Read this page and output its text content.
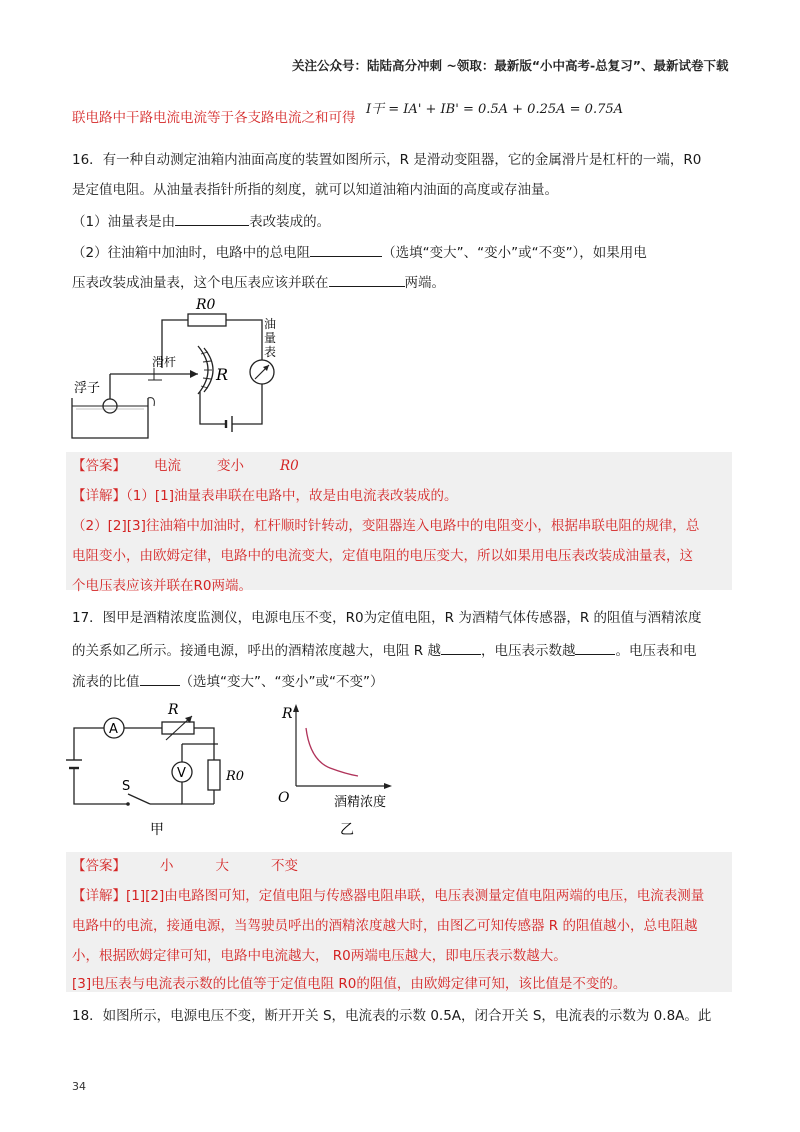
关注公众号：陆陆高分冲刺 ~领取：最新版“小中高考-总复习”、最新试卷下载
联电路中干路电流电流等于各支路电流之和可得
I干 = IA' + IB' = 0.5A + 0.25A = 0.75A
16．有一种自动测定油箱内油面高度的装置如图所示，R 是滑动变阻器，它的金属滑片是杠杆的一端，R0
是定值电阻。从油量表指针所指的刻度，就可以知道油箱内油面的高度或存油量。
（1）油量表是由	表改装成的。
（2）往油箱中加油时，电路中的总电阻	（选填“变大”、“变小”或“不变”），如果用电
压表改装成油量表，这个电压表应该并联在	两端。
R0
油
量
表
R
滑杆
浮子
【答案】 电流	变小	R0
【详解】（1）[1]油量表串联在电路中，故是由电流表改装成的。
（2）[2][3]往油箱中加油时，杠杆顺时针转动，变阻器连入电路中的电阻变小，根据串联电阻的规律，总
电阻变小，由欧姆定律，电路中的电流变大，定值电阻的电压变大，所以如果用电压表改装成油量表，这
个电压表应该并联在R0两端。
17．图甲是酒精浓度监测仪，电源电压不变，R0为定值电阻，R 为酒精气体传感器，R 的阻值与酒精浓度
的关系如乙所示。接通电源，呼出的酒精浓度越大，电阻 R 越	，电压表示数越	。电压表和电
流表的比值	（选填“变大”、“变小”或“不变”）
A
R
R0
V
S
甲
R
O	酒精浓度
乙
【答案】	小	大	不变
【详解】[1][2]由电路图可知，定值电阻与传感器电阻串联，电压表测量定值电阻两端的电压，电流表测量
电路中的电流，接通电源，当驾驶员呼出的酒精浓度越大时，由图乙可知传感器 R 的阻值越小，总电阻越
小，根据欧姆定律可知，电路中电流越大， R0两端电压越大，即电压表示数越大。
[3]电压表与电流表示数的比值等于定值电阻 R0的阻值，由欧姆定律可知，该比值是不变的。
18．如图所示，电源电压不变，断开开关 S，电流表的示数 0.5A，闭合开关 S，电流表的示数为 0.8A。此
34
